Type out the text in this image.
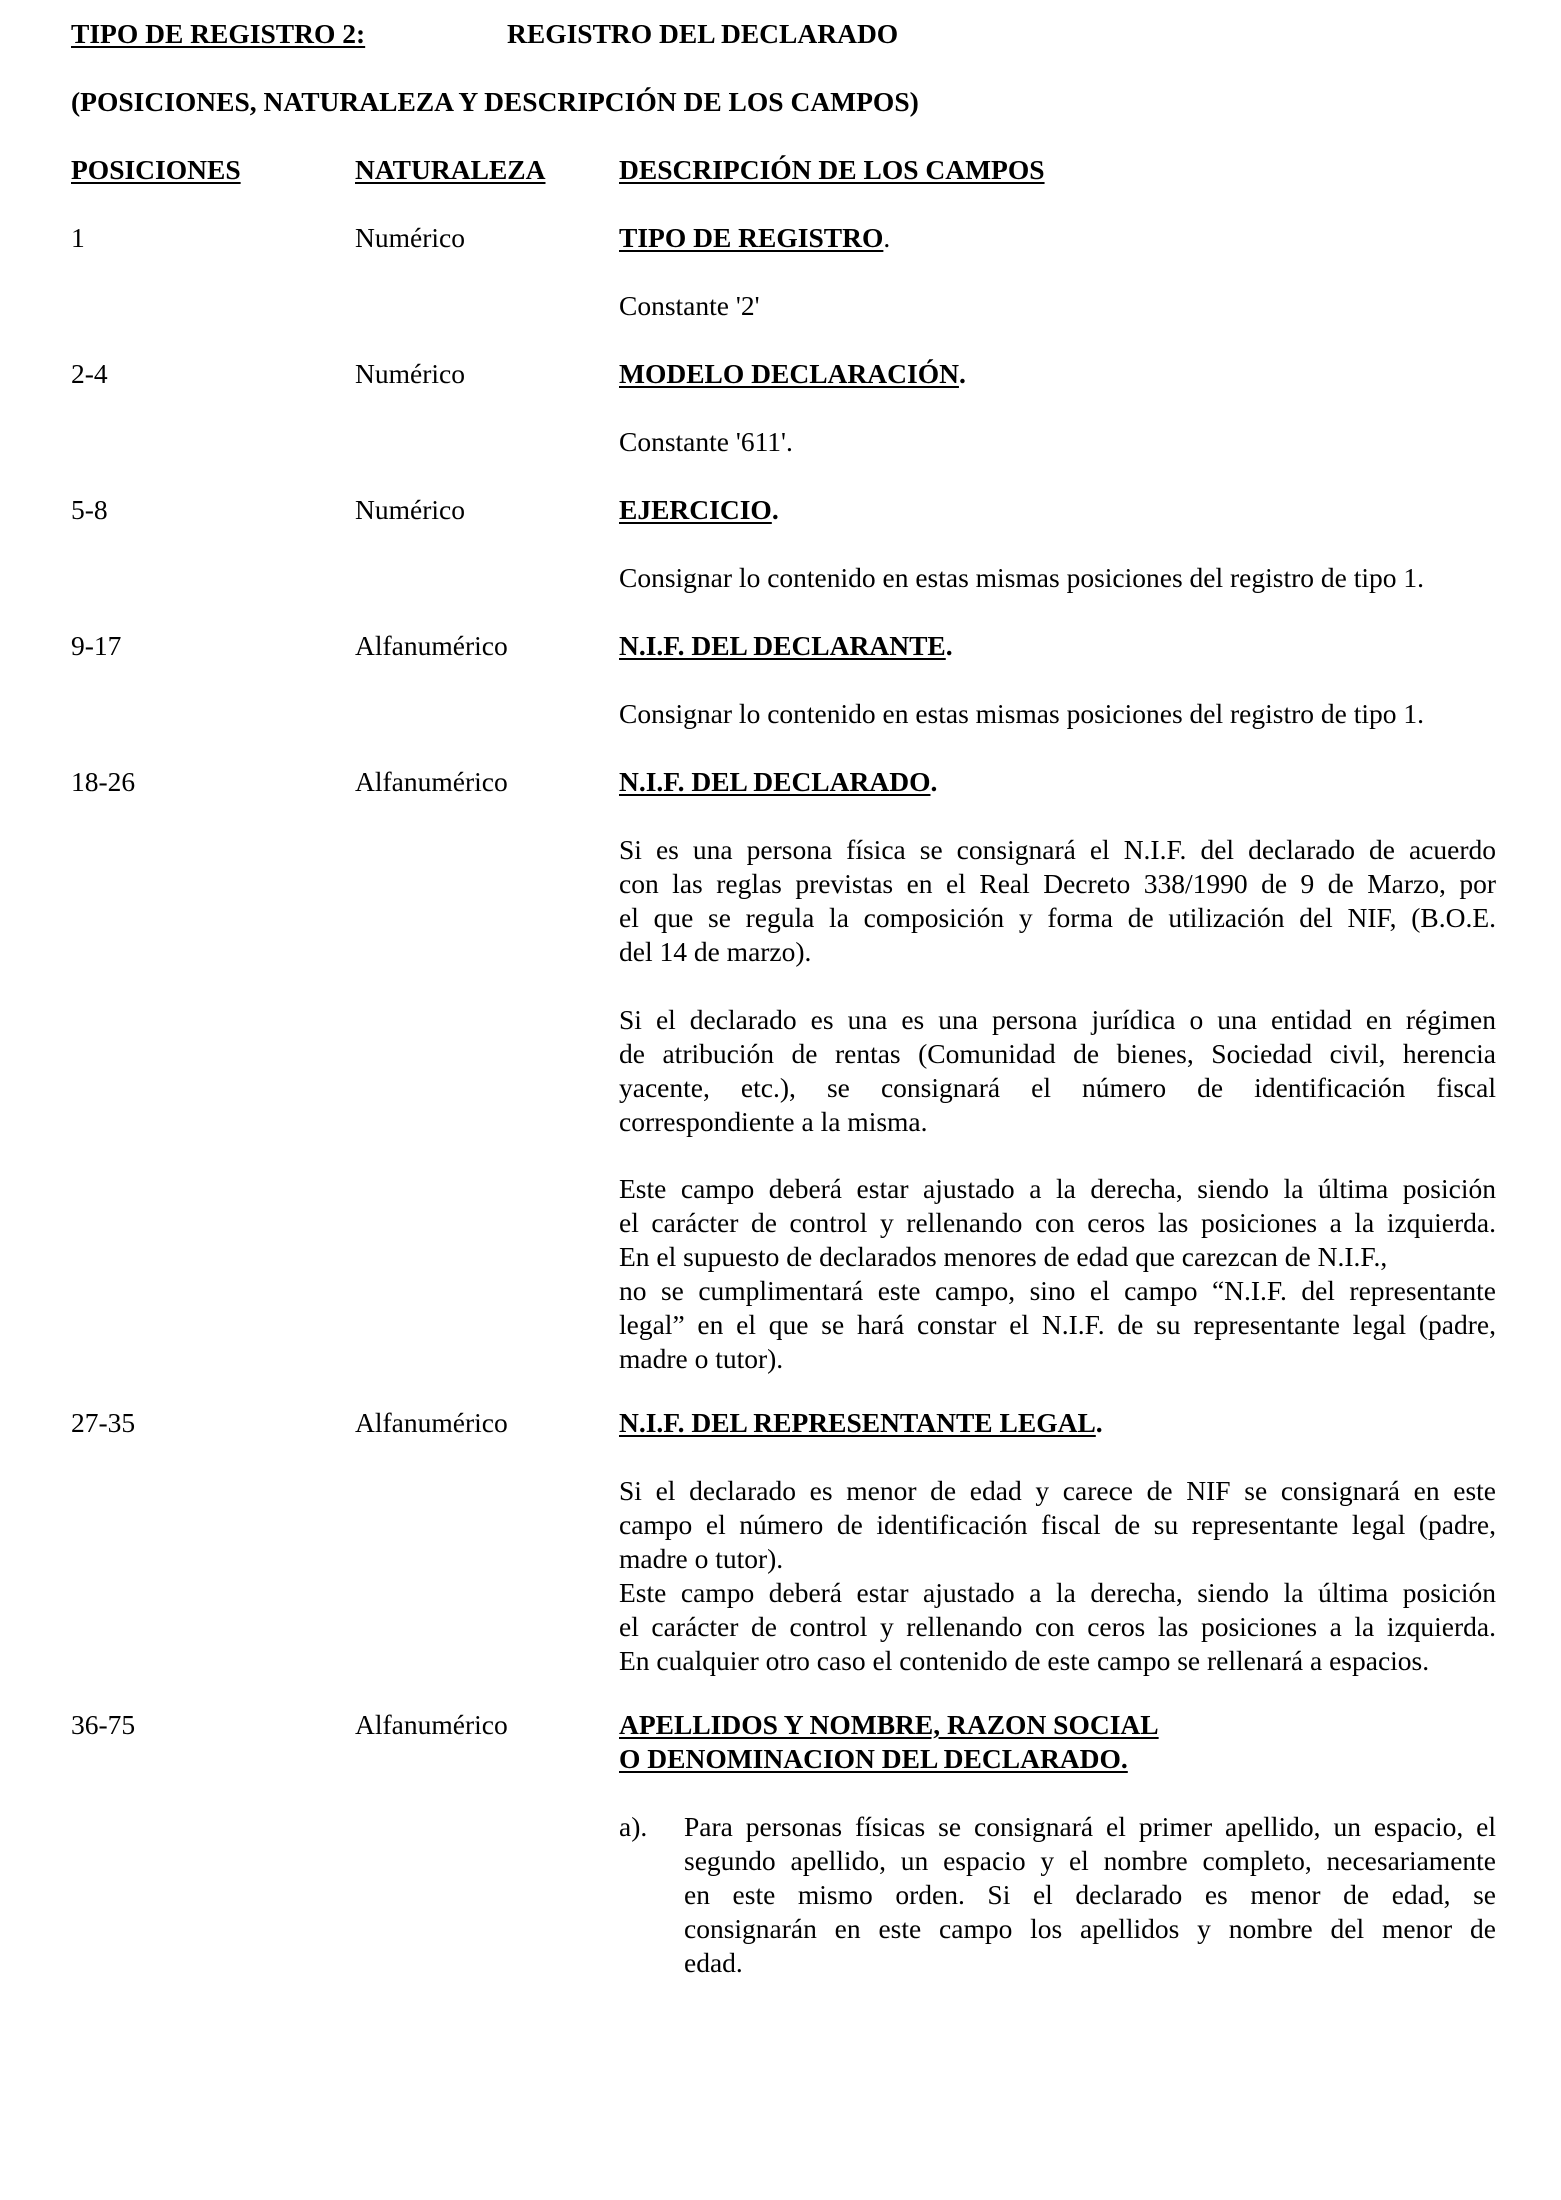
TIPO DE REGISTRO 2:	REGISTRO DEL DECLARADO
(POSICIONES, NATURALEZA Y DESCRIPCIÓN DE LOS CAMPOS)
POSICIONES	NATURALEZA	DESCRIPCIÓN DE LOS CAMPOS
1	Numérico	TIPO DE REGISTRO.
Constante '2'
2-4	Numérico	MODELO DECLARACIÓN.
Constante '611'.
5-8	Numérico	EJERCICIO.
Consignar lo contenido en estas mismas posiciones del registro de tipo 1.
9-17	Alfanumérico	N.I.F. DEL DECLARANTE.
Consignar lo contenido en estas mismas posiciones del registro de tipo 1.
18-26	Alfanumérico	N.I.F. DEL DECLARADO.
Si es una persona física se consignará el N.I.F. del declarado de acuerdo
con las reglas previstas en el Real Decreto 338/1990 de 9 de Marzo, por
el que se regula la composición y forma de utilización del NIF, (B.O.E.
del 14 de marzo).
Si el declarado es una es una persona jurídica o una entidad en régimen
de atribución de rentas (Comunidad de bienes, Sociedad civil, herencia
yacente, etc.), se consignará el número de identificación fiscal
correspondiente a la misma.
Este campo deberá estar ajustado a la derecha, siendo la última posición
el carácter de control y rellenando con ceros las posiciones a la izquierda.
En el supuesto de declarados menores de edad que carezcan de N.I.F.,
no se cumplimentará este campo, sino el campo “N.I.F. del representante
legal” en el que se hará constar el N.I.F. de su representante legal (padre,
madre o tutor).
27-35	Alfanumérico	N.I.F. DEL REPRESENTANTE LEGAL.
Si el declarado es menor de edad y carece de NIF se consignará en este
campo el número de identificación fiscal de su representante legal (padre,
madre o tutor).
Este campo deberá estar ajustado a la derecha, siendo la última posición
el carácter de control y rellenando con ceros las posiciones a la izquierda.
En cualquier otro caso el contenido de este campo se rellenará a espacios.
36-75	Alfanumérico	APELLIDOS Y NOMBRE, RAZON SOCIAL
O DENOMINACION DEL DECLARADO.
a). Para personas físicas se consignará el primer apellido, un espacio, el
segundo apellido, un espacio y el nombre completo, necesariamente
en este mismo orden. Si el declarado es menor de edad, se
consignarán en este campo los apellidos y nombre del menor de
edad.
